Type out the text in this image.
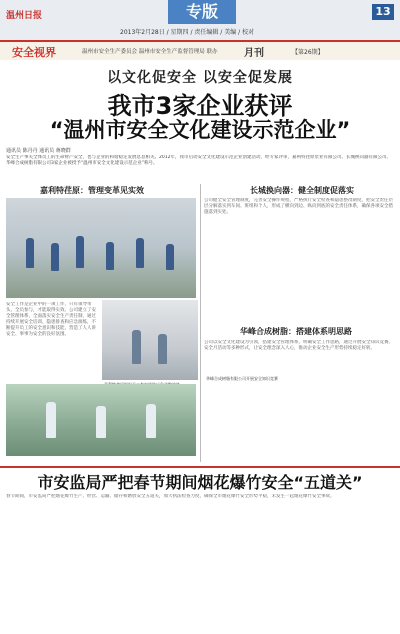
温州日报	专版	13
2013年2月28日 / 星期四 / 责任编辑 / 美编 / 校对
安全视界	温州市安全生产委员会 温州市安全生产监督管理局 联办	月刊	【第26期】
以文化促安全 以安全促发展
我市3家企业获评
“温州市安全文化建设示范企业”
通讯员 陈丹丹 通讯员 蒋晓群
安全生产事关全体员工的生命财产安全，也与企业的和谐稳定发展息息相关。2012年，我市启动安全文化建设示范企业创建活动，经专家评审，嘉利特荏原泵业有限公司、长城换向器有限公司、华峰合成树脂有限公司3家企业被授予“温州市安全文化建设示范企业”称号。
嘉利特荏原：管理变革见实效
安全工作是企业中的一项工作，只有领导带头、全员参与，才能取得实效。公司建立了安全管理体系，全面落实安全生产责任制，通过持续开展安全培训、隐患排查和应急演练，不断提升员工的安全意识和技能，营造了人人讲安全、事事为安全的良好氛围。
长城换向器：健全制度促落实
公司健全安全管理制度，完善安全操作规程，严格执行安全检查和隐患整改制度，把安全责任层层分解落实到车间、班组和个人，形成了横向到边、纵向到底的安全责任体系，确保各项安全措施落到实处。
华峰合成树脂：搭建体系明思路
华峰合成树脂有限公司开展安全知识竞赛
公司以安全文化建设为引领，搭建安全管理体系，明确安全工作思路，通过开展安全知识竞赛、安全月活动等多种形式，让安全理念深入人心，推动企业安全生产形势持续稳定好转。
市安监局严把春节期间烟花爆竹安全“五道关”
春节期间，市安监局严把烟花爆竹生产、经营、运输、储存和燃放安全五道关，加大执法检查力度，确保全市烟花爆竹安全形势平稳，未发生一起烟花爆竹安全事故。
